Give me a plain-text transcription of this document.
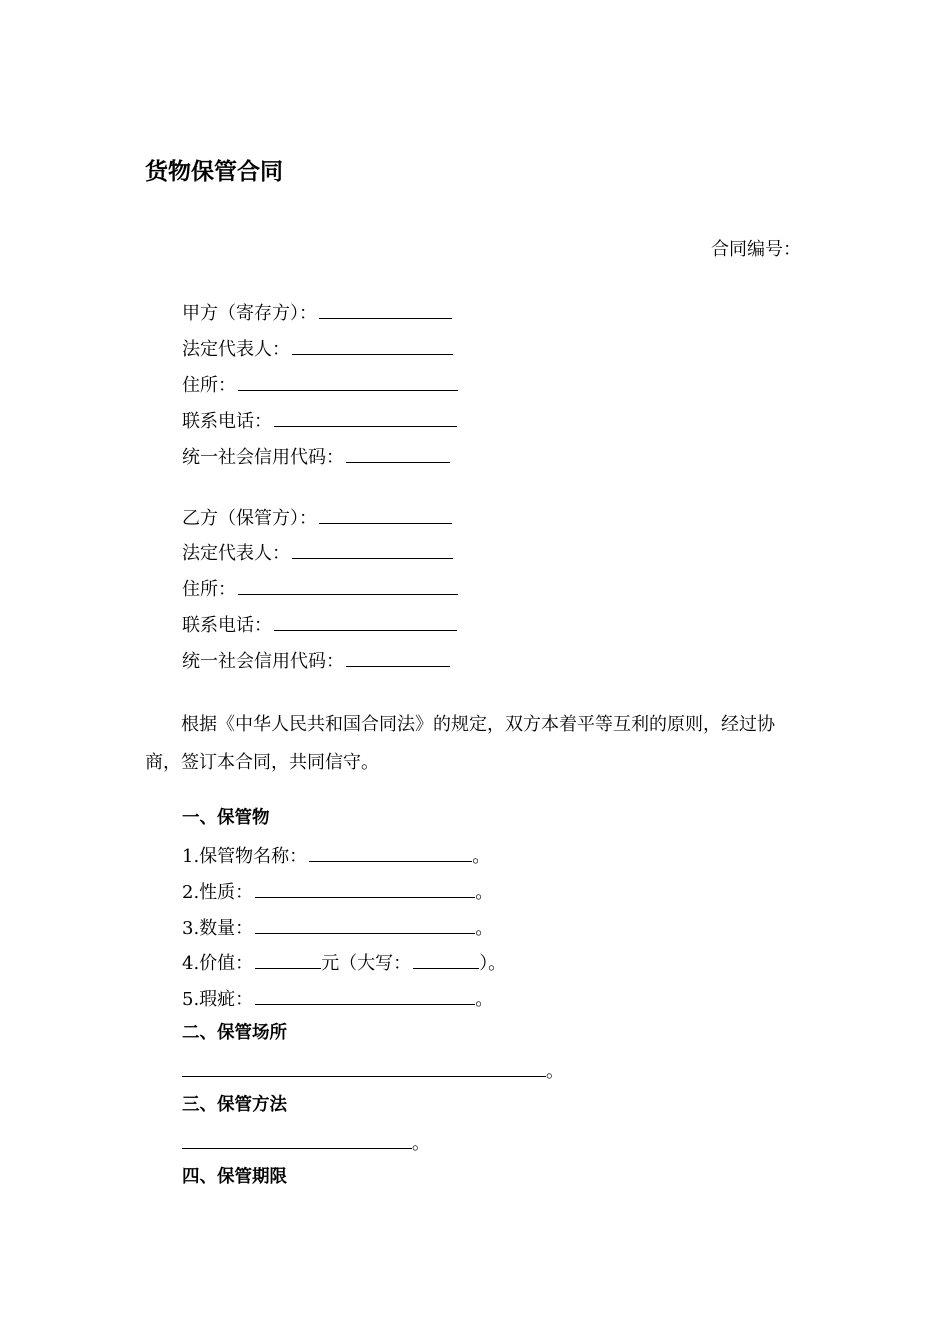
货物保管合同
合同编号：
甲方（寄存方）：
法定代表人：
住所：
联系电话：
统一社会信用代码：
乙方（保管方）：
法定代表人：
住所：
联系电话：
统一社会信用代码：
根据《中华人民共和国合同法》的规定，双方本着平等互利的原则，经过协商，签订本合同，共同信守。
一、保管物
1.保管物名称：	。
2.性质：	。
3.数量：	。
4.价值：	元（大写：	）。
5.瑕疵：	。
二、保管场所
。
三、保管方法
。
四、保管期限
